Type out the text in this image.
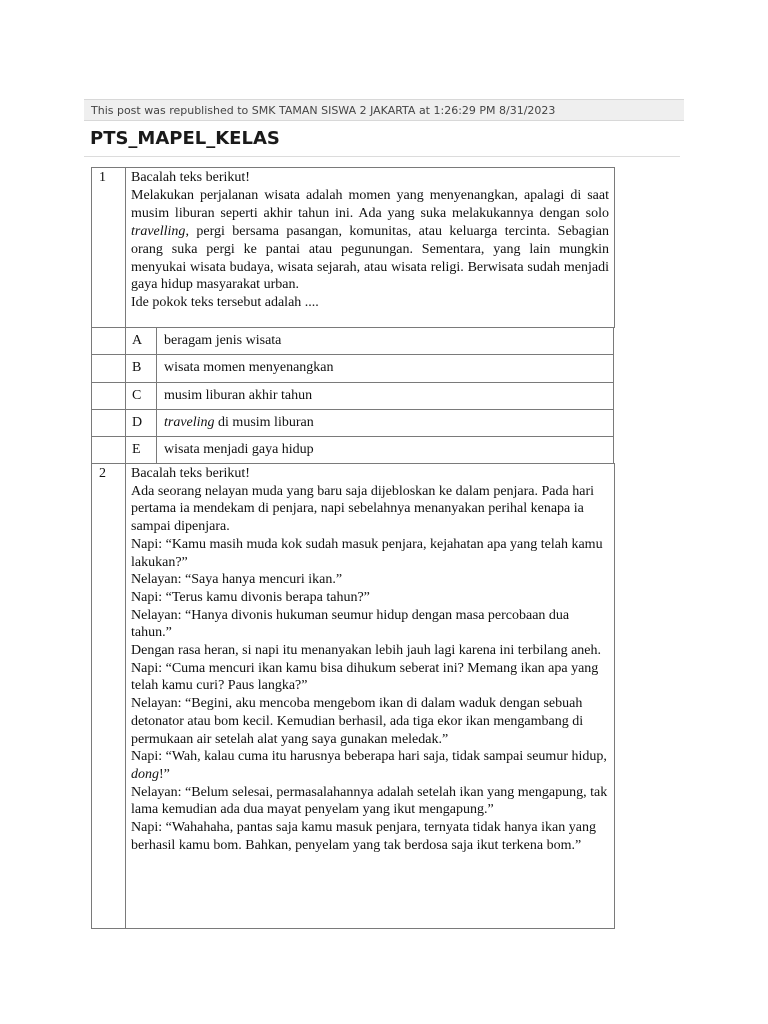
This post was republished to SMK TAMAN SISWA 2 JAKARTA at 1:26:29 PM 8/31/2023
PTS_MAPEL_KELAS
1	Bacalah teks berikut!

Melakukan perjalanan wisata adalah momen yang menyenangkan, apalagi di saat musim liburan seperti akhir tahun ini. Ada yang suka melakukannya dengan solo travelling, pergi bersama pasangan, komunitas, atau keluarga tercinta. Sebagian orang suka pergi ke pantai atau pegunungan. Sementara, yang lain mungkin menyukai wisata budaya, wisata sejarah, atau wisata religi. Berwisata sudah menjadi gaya hidup masyarakat urban.

Ide pokok teks tersebut adalah ....

A	beragam jenis wisata
B	wisata momen menyenangkan
C	musim liburan akhir tahun
D	traveling di musim liburan
E	wisata menjadi gaya hidup
2	Bacalah teks berikut!

Ada seorang nelayan muda yang baru saja dijebloskan ke dalam penjara. Pada hari pertama ia mendekam di penjara, napi sebelahnya menanyakan perihal kenapa ia sampai dipenjara.

Napi: “Kamu masih muda kok sudah masuk penjara, kejahatan apa yang telah kamu lakukan?”

Nelayan: “Saya hanya mencuri ikan.”

Napi: “Terus kamu divonis berapa tahun?”

Nelayan: “Hanya divonis hukuman seumur hidup dengan masa percobaan dua tahun.”

Dengan rasa heran, si napi itu menanyakan lebih jauh lagi karena ini terbilang aneh.

Napi: “Cuma mencuri ikan kamu bisa dihukum seberat ini? Memang ikan apa yang telah kamu curi? Paus langka?”

Nelayan: “Begini, aku mencoba mengebom ikan di dalam waduk dengan sebuah detonator atau bom kecil. Kemudian berhasil, ada tiga ekor ikan mengambang di permukaan air setelah alat yang saya gunakan meledak.”

Napi: “Wah, kalau cuma itu harusnya beberapa hari saja, tidak sampai seumur hidup, dong!”

Nelayan: “Belum selesai, permasalahannya adalah setelah ikan yang mengapung, tak lama kemudian ada dua mayat penyelam yang ikut mengapung.”

Napi: “Wahahaha, pantas saja kamu masuk penjara, ternyata tidak hanya ikan yang berhasil kamu bom. Bahkan, penyelam yang tak berdosa saja ikut terkena bom.”
